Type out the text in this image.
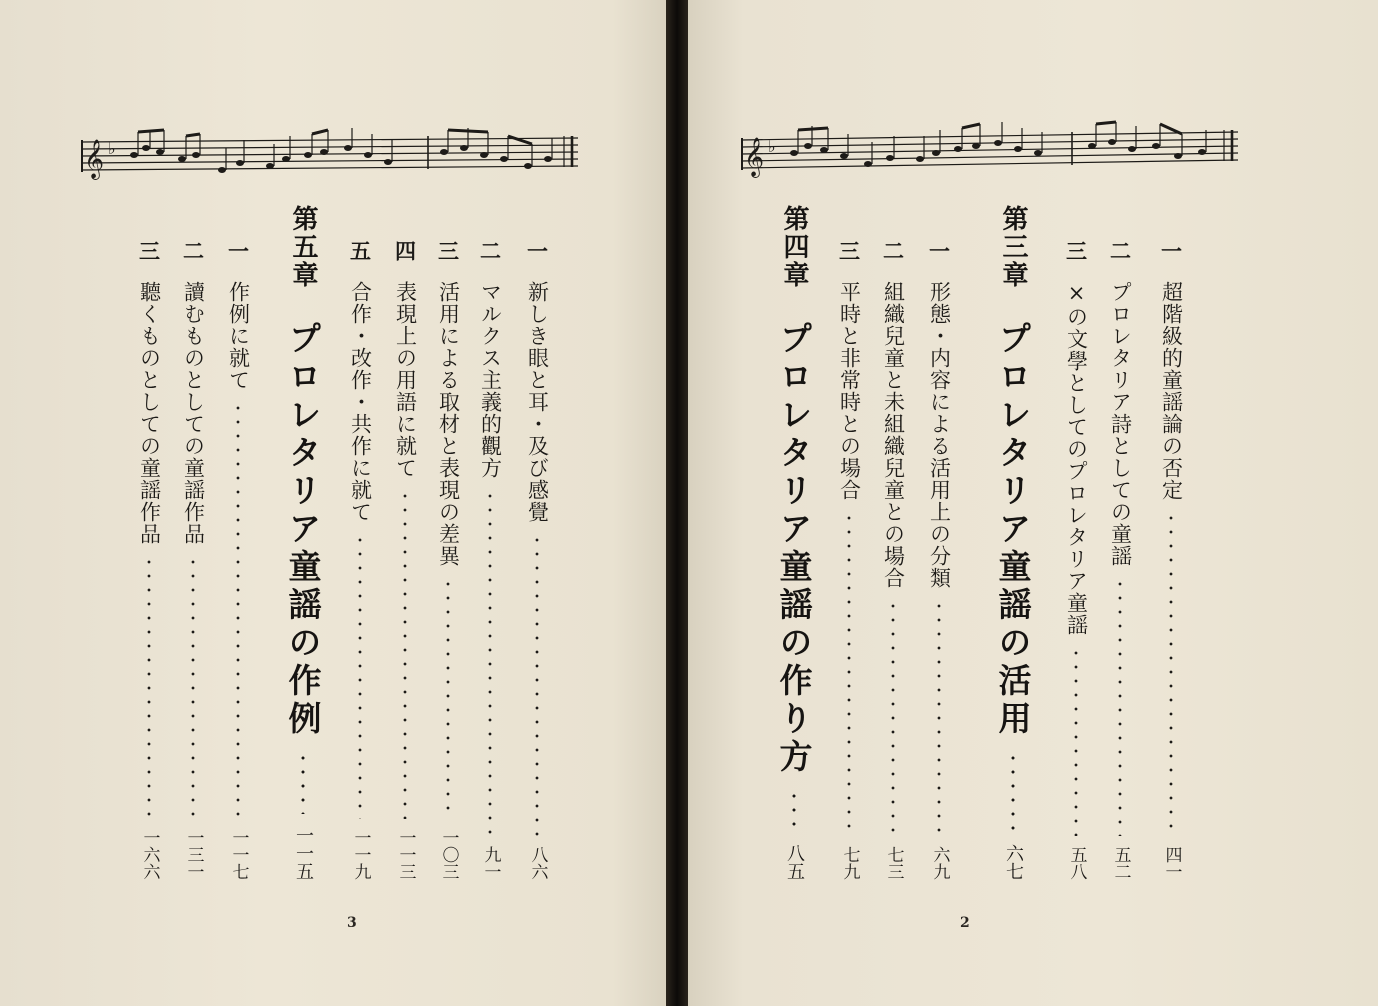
𝄞 ♭
一
新しき眼と耳・及び感覺
八六
二
マルクス主義的觀方
九一
三
活用による取材と表現の差異
一〇三
四
表現上の用語に就て
一一三
五
合作・改作・共作に就て
一一九
第五章
プロレタリア童謡の作例
一一五
一
作例に就て
一一七
二
讀むものとしての童謡作品
一三一
三
聽くものとしての童謡作品
一六六
3
𝄞 ♭
一
超階級的童謡論の否定
四一
二
プロレタリア詩としての童謡
五二
三
×の文學としてのプロレタリア童謡
五八
第三章
プロレタリア童謡の活用
六七
一
形態・内容による活用上の分類
六九
二
組織兒童と未組織兒童との場合
七三
三
平時と非常時との場合
七九
第四章
プロレタリア童謡の作り方
八五
2
